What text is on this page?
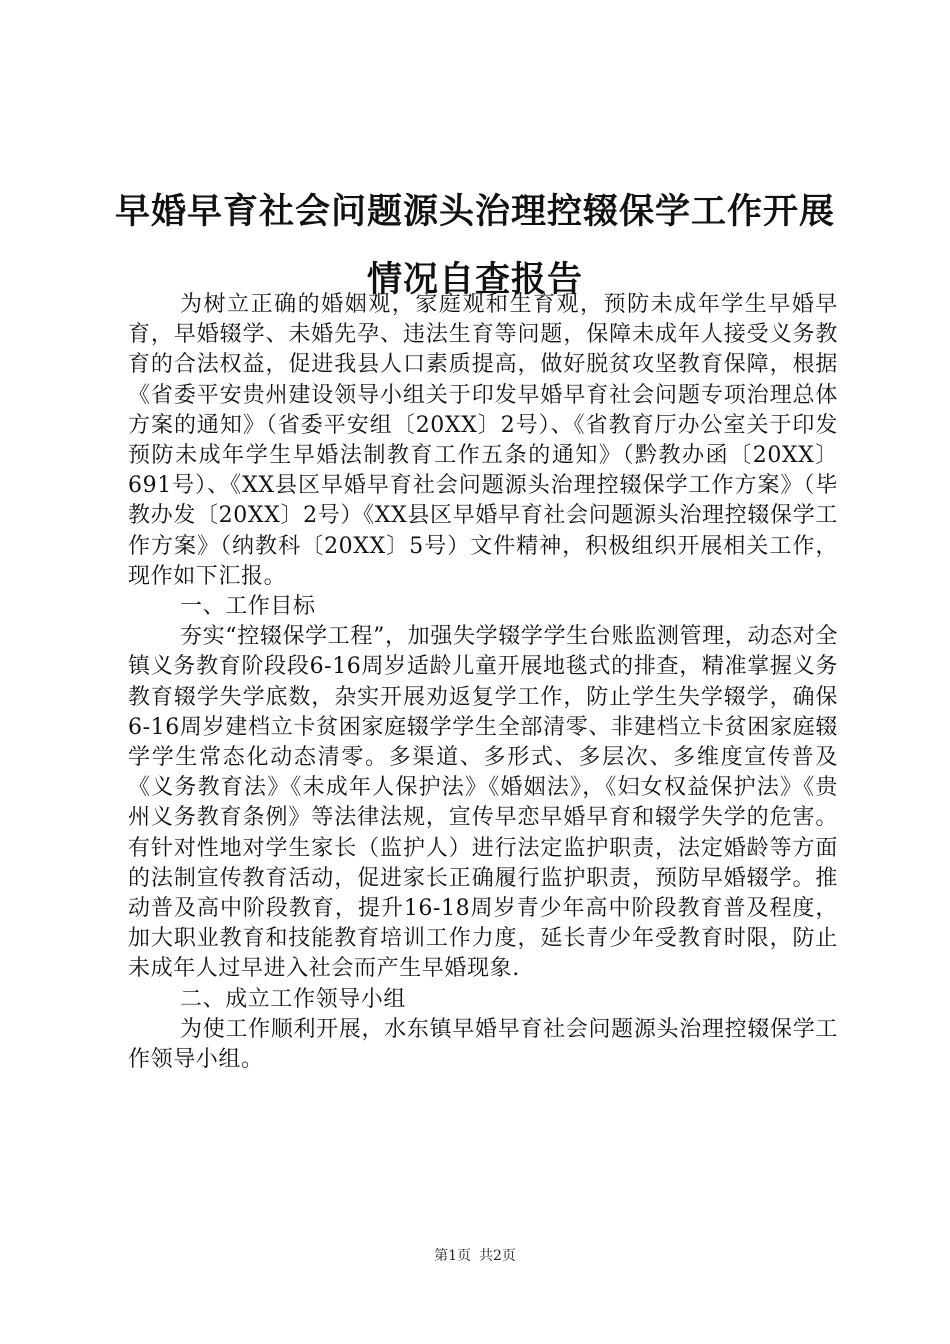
早婚早育社会问题源头治理控辍保学工作开展情况自查报告

为树立正确的婚姻观，家庭观和生育观，预防未成年学生早婚早育，早婚辍学、未婚先孕、违法生育等问题，保障未成年人接受义务教育的合法权益，促进我县人口素质提高，做好脱贫攻坚教育保障，根据《省委平安贵州建设领导小组关于印发早婚早育社会问题专项治理总体方案的通知》（省委平安组〔20XX〕2号）、《省教育厅办公室关于印发预防未成年学生早婚法制教育工作五条的通知》（黔教办函〔20XX〕691号）、《XX县区早婚早育社会问题源头治理控辍保学工作方案》（毕教办发〔20XX〕2号）《XX县区早婚早育社会问题源头治理控辍保学工作方案》（纳教科〔20XX〕5号）文件精神，积极组织开展相关工作，现作如下汇报。

一、工作目标

夯实“控辍保学工程”，加强失学辍学学生台账监测管理，动态对全镇义务教育阶段段6-16周岁适龄儿童开展地毯式的排查，精准掌握义务教育辍学失学底数，杂实开展劝返复学工作，防止学生失学辍学，确保6-16周岁建档立卡贫困家庭辍学学生全部清零、非建档立卡贫困家庭辍学学生常态化动态清零。多渠道、多形式、多层次、多维度宣传普及《义务教育法》《未成年人保护法》《婚姻法》，《妇女权益保护法》《贵州义务教育条例》等法律法规，宣传早恋早婚早育和辍学失学的危害。有针对性地对学生家长（监护人）进行法定监护职责，法定婚龄等方面的法制宣传教育活动，促进家长正确履行监护职责，预防早婚辍学。推动普及高中阶段教育，提升16-18周岁青少年高中阶段教育普及程度，加大职业教育和技能教育培训工作力度，延长青少年受教育时限，防止未成年人过早进入社会而产生早婚现象.

二、成立工作领导小组

为使工作顺利开展，水东镇早婚早育社会问题源头治理控辍保学工作领导小组。

第1页 共2页
